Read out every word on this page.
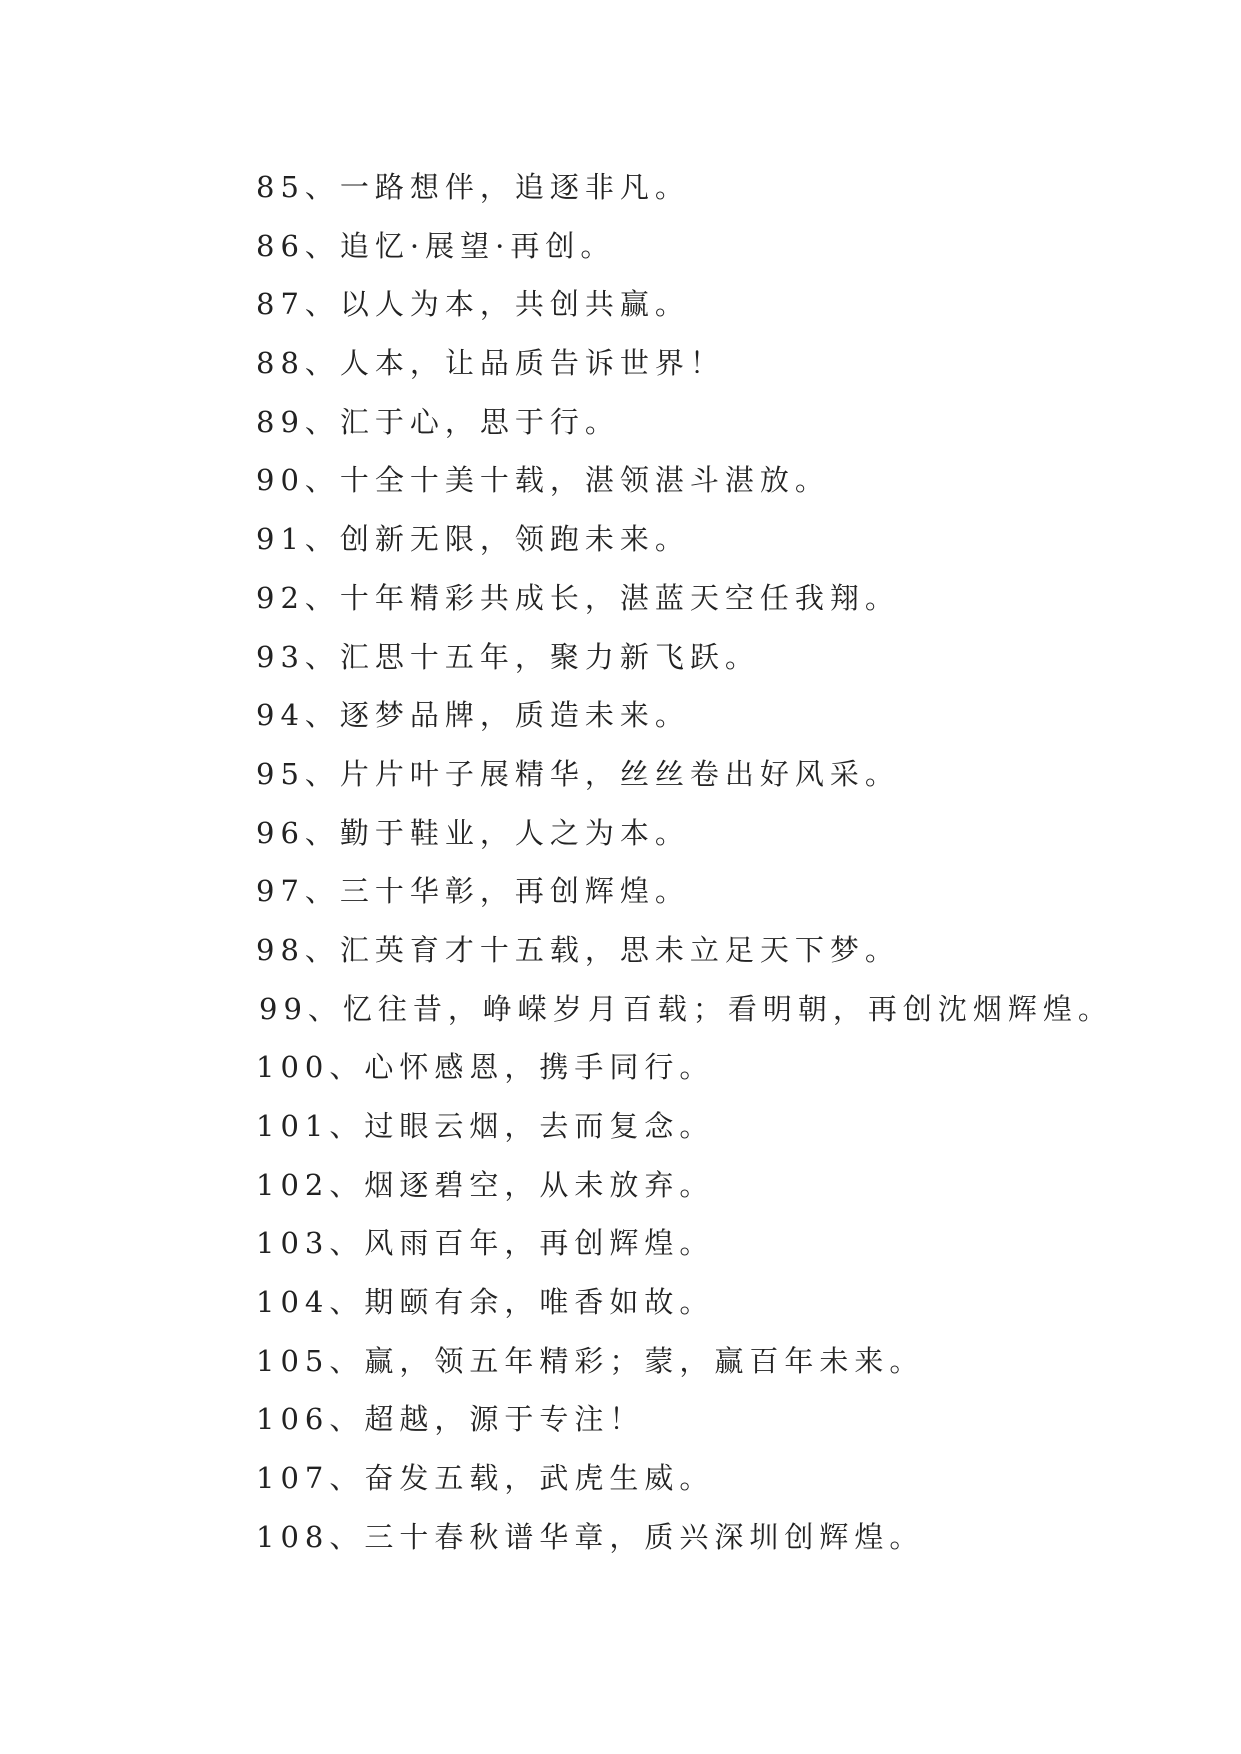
85、一路想伴，追逐非凡。
86、追忆·展望·再创。
87、以人为本，共创共赢。
88、人本，让品质告诉世界！
89、汇于心，思于行。
90、十全十美十载，湛领湛斗湛放。
91、创新无限，领跑未来。
92、十年精彩共成长，湛蓝天空任我翔。
93、汇思十五年，聚力新飞跃。
94、逐梦品牌，质造未来。
95、片片叶子展精华，丝丝卷出好风采。
96、勤于鞋业，人之为本。
97、三十华彰，再创辉煌。
98、汇英育才十五载，思未立足天下梦。
99、忆往昔，峥嵘岁月百载；看明朝，再创沈烟辉煌。
100、心怀感恩，携手同行。
101、过眼云烟，去而复念。
102、烟逐碧空，从未放弃。
103、风雨百年，再创辉煌。
104、期颐有余，唯香如故。
105、赢，领五年精彩；蒙，赢百年未来。
106、超越，源于专注！
107、奋发五载，武虎生威。
108、三十春秋谱华章，质兴深圳创辉煌。
